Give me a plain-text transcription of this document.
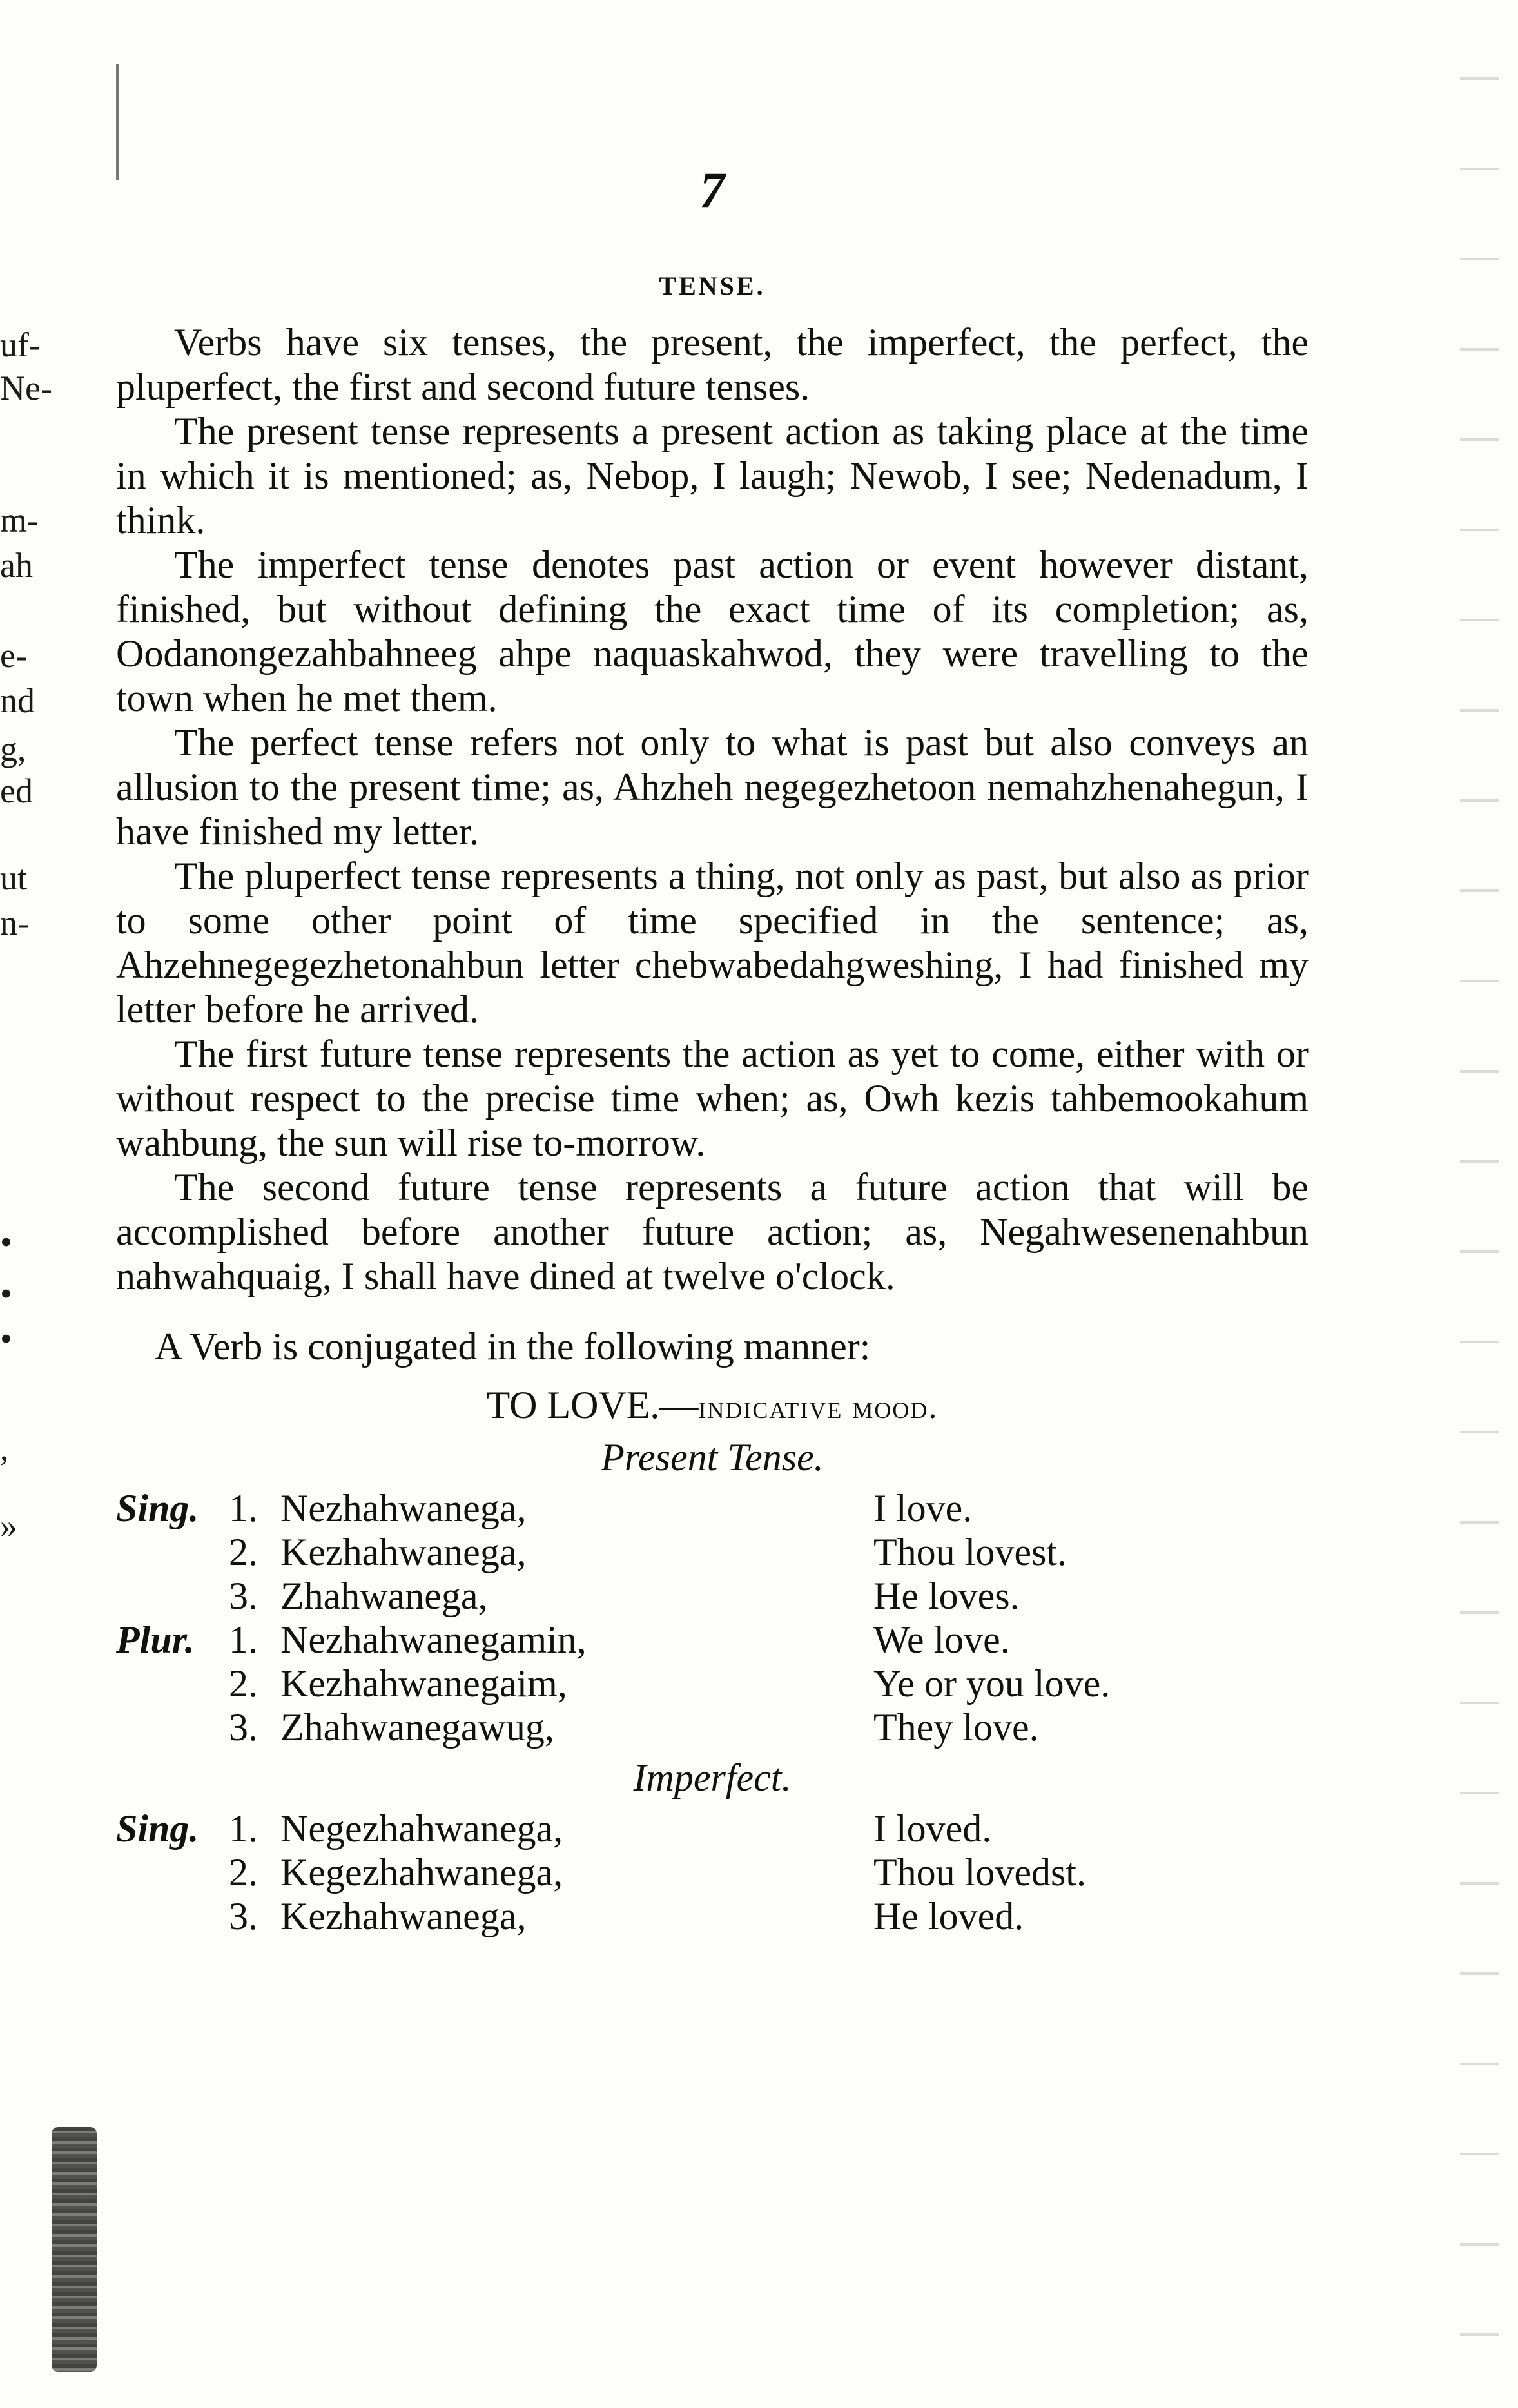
uf-
Ne-
m-
ah
e-
nd
g,
ed
ut
n-
•
•
•
,
»
7
TENSE.

Verbs have six tenses, the present, the imperfect, the perfect, the pluperfect, the first and second future tenses.

The present tense represents a present action as taking place at the time in which it is mentioned; as, Nebop, I laugh; Newob, I see; Nedenadum, I think.

The imperfect tense denotes past action or event however distant, finished, but without defining the exact time of its completion; as, Oodanongezahbahneeg ahpe naquaskahwod, they were travelling to the town when he met them.

The perfect tense refers not only to what is past but also conveys an allusion to the present time; as, Ahzheh negegezhetoon nemahzhenahegun, I have finished my letter.

The pluperfect tense represents a thing, not only as past, but also as prior to some other point of time specified in the sentence; as, Ahzehnegegezhetonahbun letter chebwabedahgweshing, I had finished my letter before he arrived.

The first future tense represents the action as yet to come, either with or without respect to the precise time when; as, Owh kezis tahbemookahum wahbung, the sun will rise to-morrow.

The second future tense represents a future action that will be accomplished before another future action; as, Negahwesenenahbun nahwahquaig, I shall have dined at twelve o'clock.

A Verb is conjugated in the following manner:

TO LOVE.—indicative mood.
Present Tense.
Sing.	1.	Nezhahwanega,	I love.
	2.	Kezhahwanega,	Thou lovest.
	3.	Zhahwanega,	He loves.
Plur.	1.	Nezhahwanegamin,	We love.
	2.	Kezhahwanegaim,	Ye or you love.
	3.	Zhahwanegawug,	They love.
Imperfect.
Sing.	1.	Negezhahwanega,	I loved.
	2.	Kegezhahwanega,	Thou lovedst.
	3.	Kezhahwanega,	He loved.
